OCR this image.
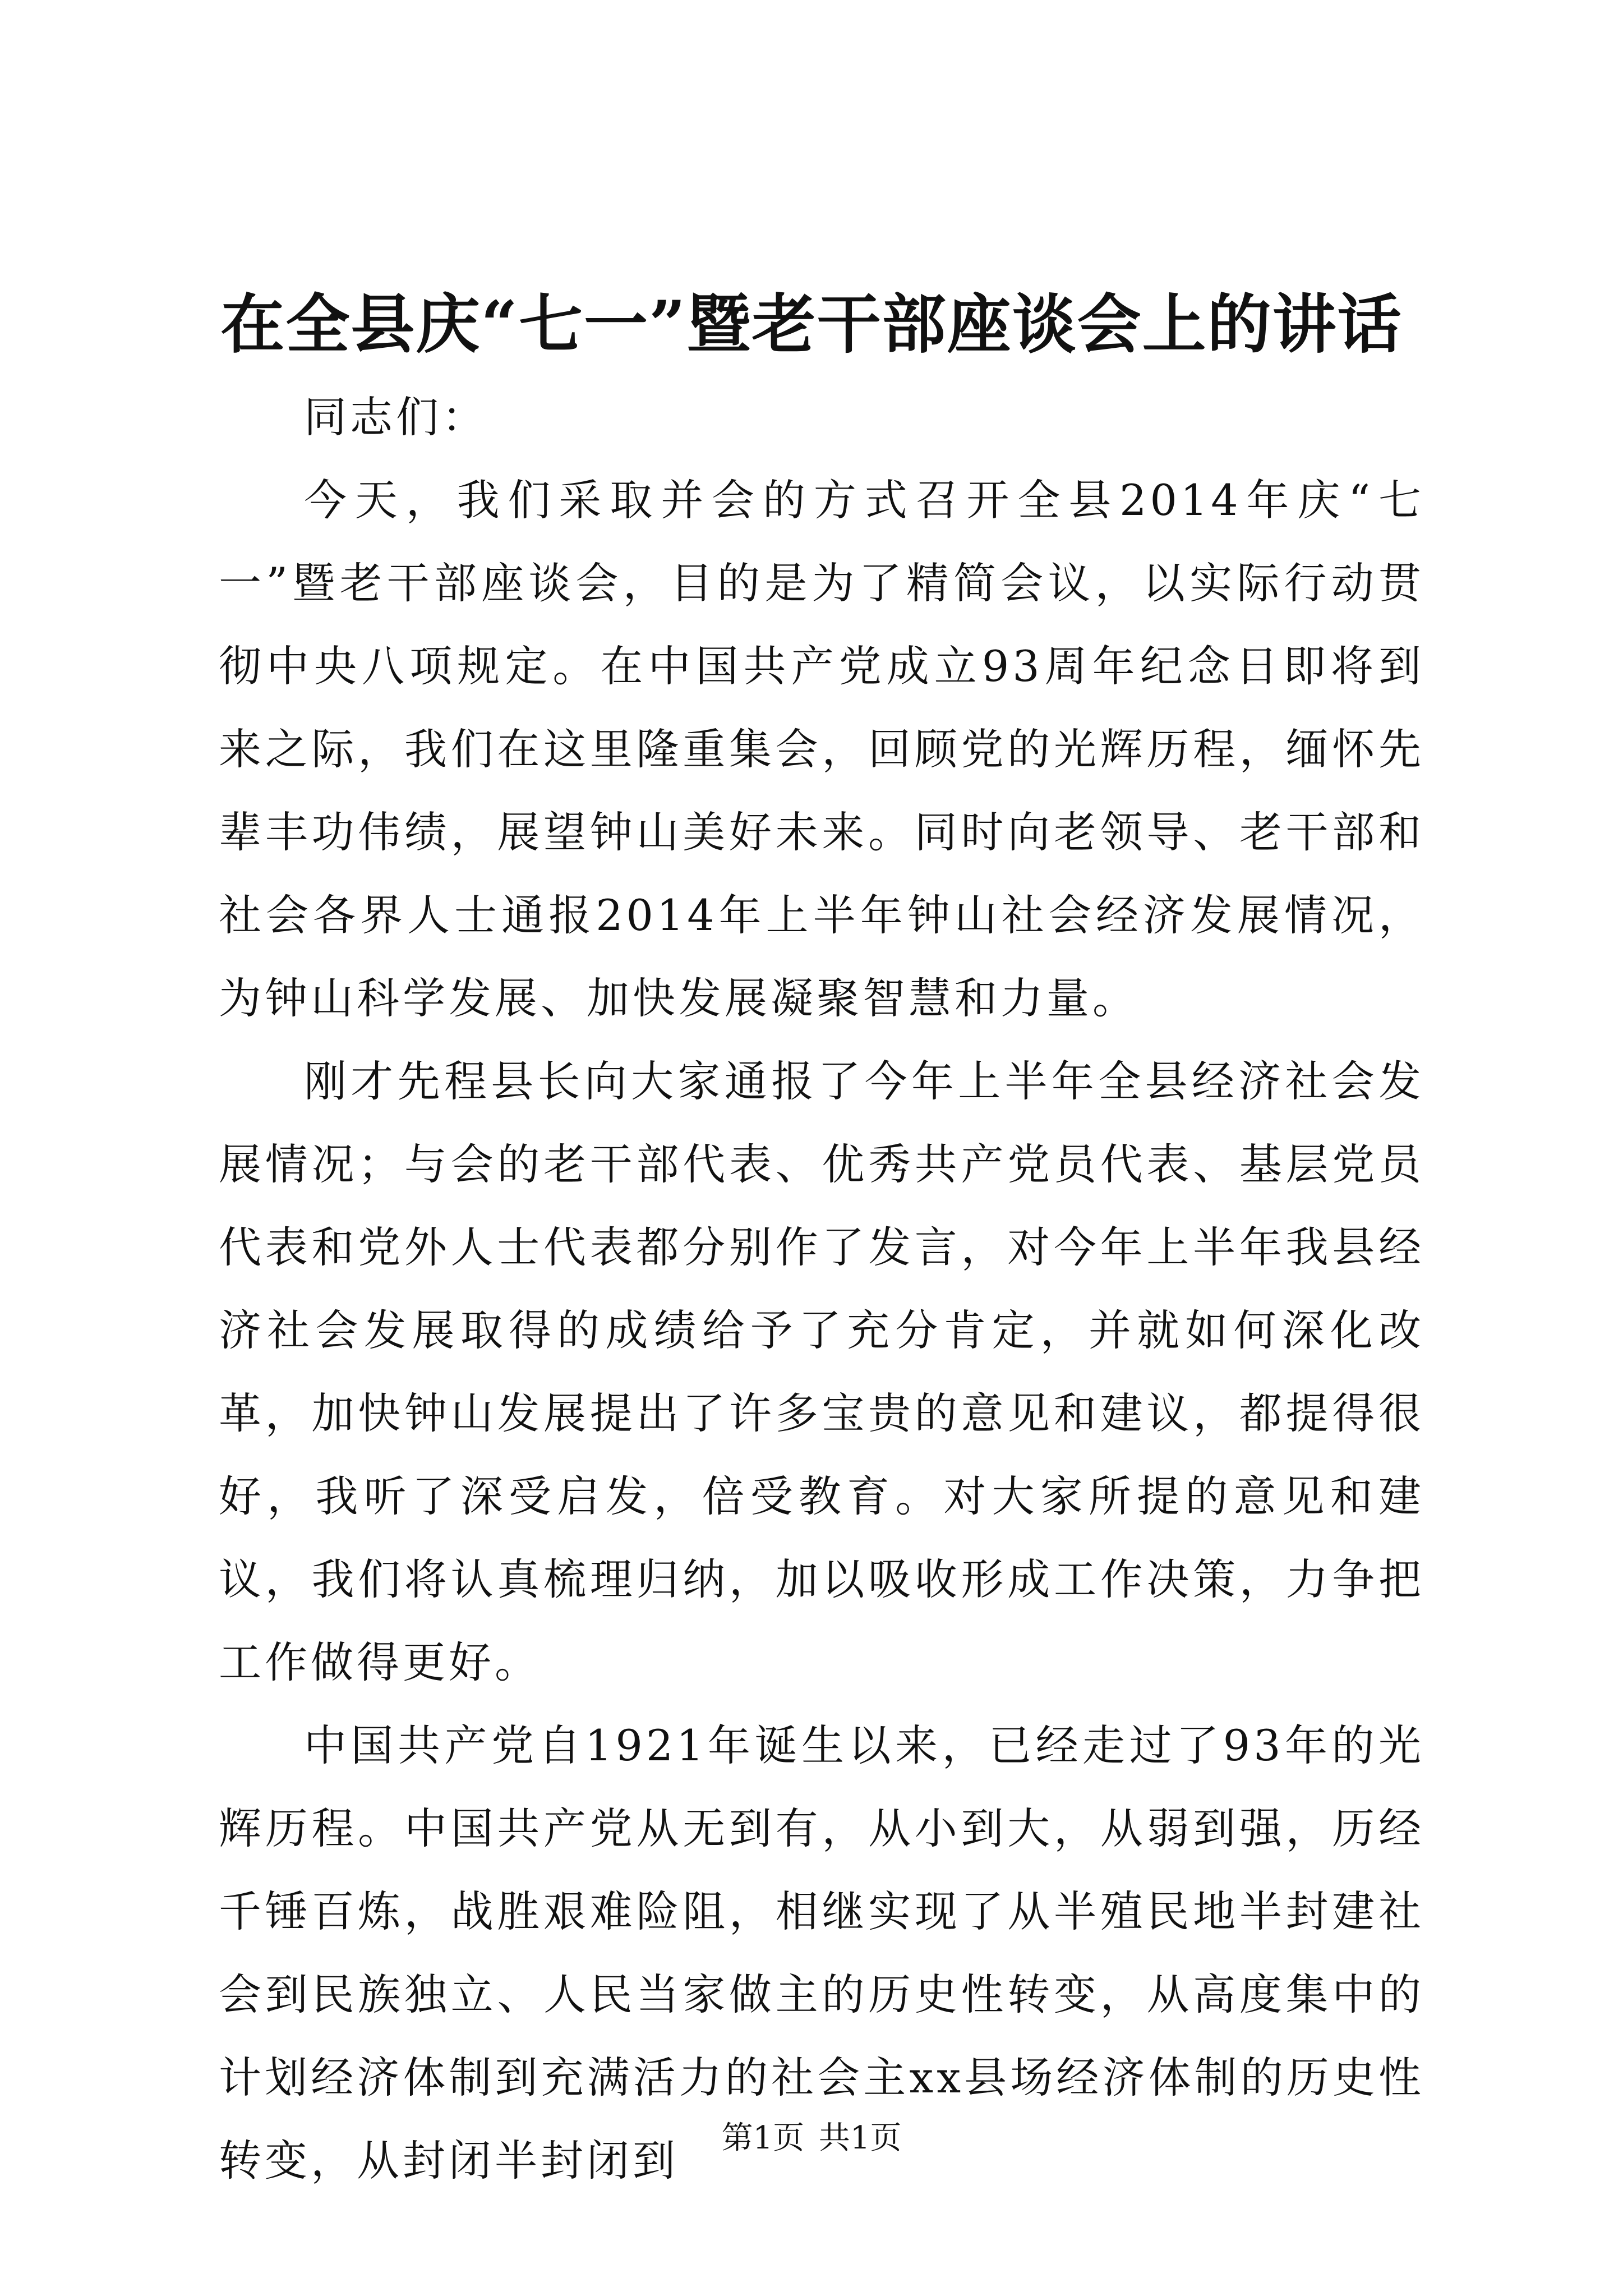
在全县庆“七一”暨老干部座谈会上的讲话

同志们：

今天，我们采取并会的方式召开全县2014年庆“七一”暨老干部座谈会，目的是为了精简会议，以实际行动贯彻中央八项规定。在中国共产党成立93周年纪念日即将到来之际，我们在这里隆重集会，回顾党的光辉历程，缅怀先辈丰功伟绩，展望钟山美好未来。同时向老领导、老干部和社会各界人士通报2014年上半年钟山社会经济发展情况，为钟山科学发展、加快发展凝聚智慧和力量。

刚才先程县长向大家通报了今年上半年全县经济社会发展情况；与会的老干部代表、优秀共产党员代表、基层党员代表和党外人士代表都分别作了发言，对今年上半年我县经济社会发展取得的成绩给予了充分肯定，并就如何深化改革，加快钟山发展提出了许多宝贵的意见和建议，都提得很好，我听了深受启发，倍受教育。对大家所提的意见和建议，我们将认真梳理归纳，加以吸收形成工作决策，力争把工作做得更好。

中国共产党自1921年诞生以来，已经走过了93年的光辉历程。中国共产党从无到有，从小到大，从弱到强，历经千锤百炼，战胜艰难险阻，相继实现了从半殖民地半封建社会到民族独立、人民当家做主的历史性转变，从高度集中的计划经济体制到充满活力的社会主xx县场经济体制的历史性转变，从封闭半封闭到	第1页 共1页
